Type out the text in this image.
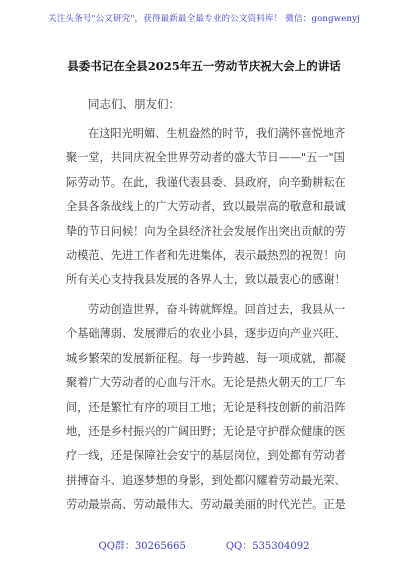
关注头条号"公文研究"，获得最新最全最专业的公文资料库！ 微信：gongwenyj
县委书记在全县2025年五一劳动节庆祝大会上的讲话
同志们、朋友们：

在这阳光明媚、生机盎然的时节，我们满怀喜悦地齐
聚一堂，共同庆祝全世界劳动者的盛大节日——"五一"国
际劳动节。在此，我谨代表县委、县政府，向辛勤耕耘在
全县各条战线上的广大劳动者，致以最崇高的敬意和最诚
挚的节日问候！向为全县经济社会发展作出突出贡献的劳
动模范、先进工作者和先进集体，表示最热烈的祝贺！向
所有关心支持我县发展的各界人士，致以最衷心的感谢！

劳动创造世界，奋斗铸就辉煌。回首过去，我县从一
个基础薄弱、发展滞后的农业小县，逐步迈向产业兴旺、
城乡繁荣的发展新征程。每一步跨越、每一项成就，都凝
聚着广大劳动者的心血与汗水。无论是热火朝天的工厂车
间，还是繁忙有序的项目工地；无论是科技创新的前沿阵
地，还是乡村振兴的广阔田野；无论是守护群众健康的医
疗一线，还是保障社会安宁的基层岗位，到处都有劳动者
拼搏奋斗、追逐梦想的身影，到处都闪耀着劳动最光荣、
劳动最崇高、劳动最伟大、劳动最美丽的时代光芒。正是

QQ群：30265665	QQ：535304092
